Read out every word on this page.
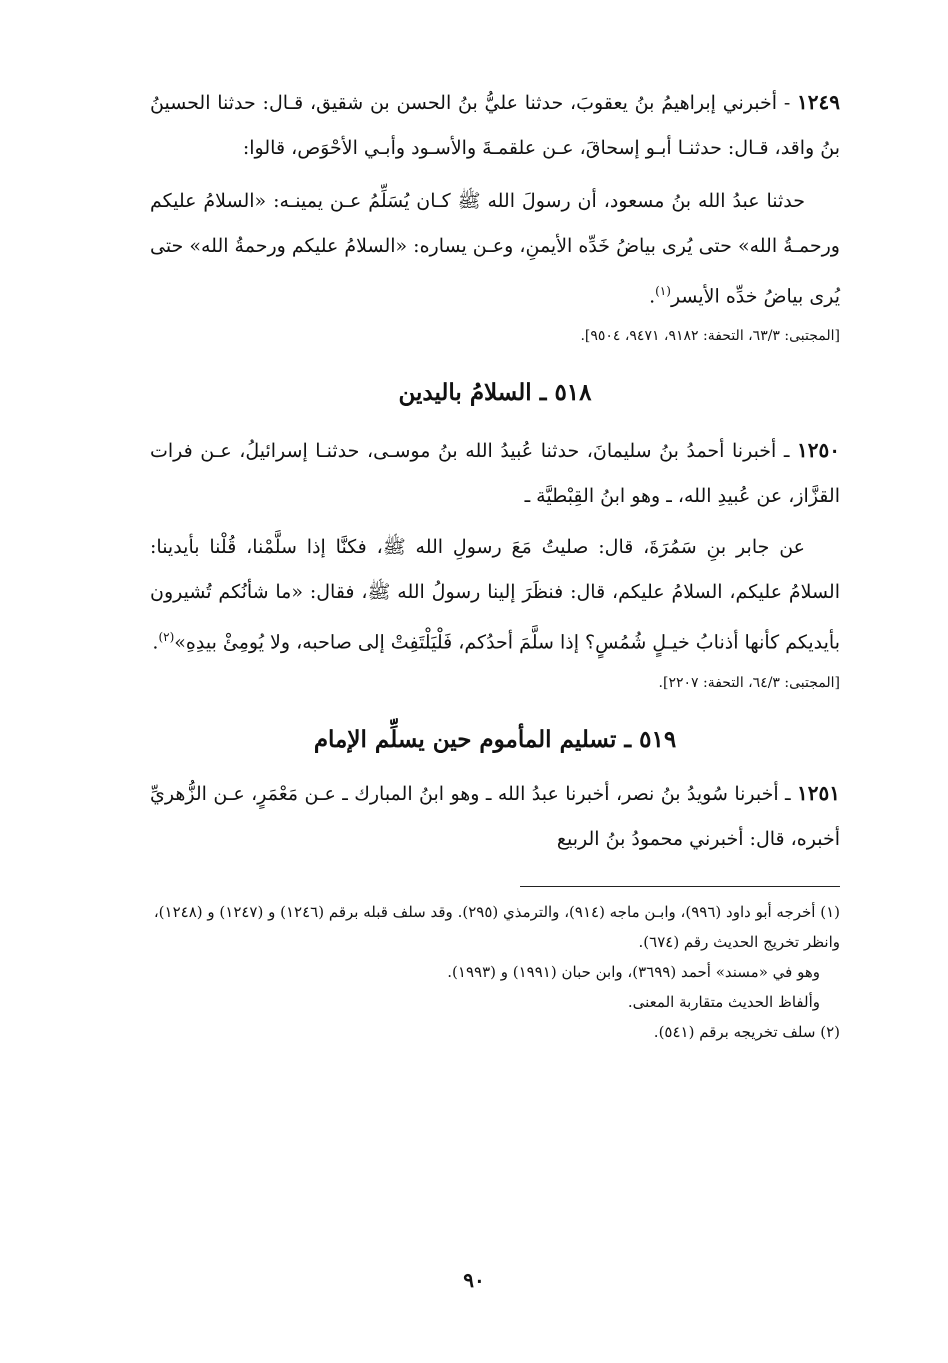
١٢٤٩ - أخبرني إبراهيمُ بنُ يعقوبَ، حدثنا عليُّ بنُ الحسن بن شقيق، قـال: حدثنا الحسينُ بنُ واقد، قـال: حدثنـا أبـو إسحاقَ، عـن علقمـةَ والأسـود وأبـي الأحْوَص، قالوا:

حدثنا عبدُ الله بنُ مسعود، أن رسولَ الله ﷺ كـان يُسَلِّمُ عـن يمينـه: «السلامُ عليكم ورحمـةُ الله» حتى يُرى بياضُ خَدِّه الأيمنِ، وعـن يساره: «السلامُ عليكم ورحمةُ الله» حتى يُرى بياضُ خدِّه الأيسر$^{(١)}$.

[المجتبى: ٦٣/٣، التحفة: ٩١٨٢، ٩٤٧١، ٩٥٠٤].

٥١٨ ـ السلامُ باليدين

١٢٥٠ ـ أخبرنا أحمدُ بنُ سليمانَ، حدثنا عُبيدُ الله بنُ موسـى، حدثنـا إسرائيلُ، عـن فرات القزَّاز، عن عُبيدِ الله، ـ وهو ابنُ القِبْطيَّة ـ

عن جابر بنِ سَمُرَةَ، قال: صليتُ مَعَ رسولِ الله ﷺ، فكنَّا إذا سلَّمْنا، قُلْنا بأيدينا: السلامُ عليكم، السلامُ عليكم، قال: فنظَرَ إلينا رسولُ الله ﷺ، فقال: «ما شأنُكم تُشيرون بأيديكم كأنها أذنابُ خيـلٍ شُمُسٍ؟ إذا سلَّمَ أحدُكم، فَلْيَلْتَفِتْ إلى صاحبه، ولا يُومِئْ بيدِهِ»$^{(٢)}$.

[المجتبى: ٦٤/٣، التحفة: ٢٢٠٧].

٥١٩ ـ تسليم المأموم حين يسلِّم الإمام

١٢٥١ ـ أخبرنا سُويدُ بنُ نصر، أخبرنا عبدُ الله ـ وهو ابنُ المبارك ـ عـن مَعْمَرٍ، عـن الزُّهريِّ أخبره، قال: أخبرني محمودُ بنُ الربيع

(١) أخرجه أبو داود (٩٩٦)، وابـن ماجه (٩١٤)، والترمذي (٢٩٥). وقد سلف قبله برقم (١٢٤٦) و (١٢٤٧) و (١٢٤٨)، وانظر تخريج الحديث رقم (٦٧٤).

وهو في «مسند» أحمد (٣٦٩٩)، وابن حبان (١٩٩١) و (١٩٩٣).

وألفاظ الحديث متقاربة المعنى.

(٢) سلف تخريجه برقم (٥٤١).

٩٠
